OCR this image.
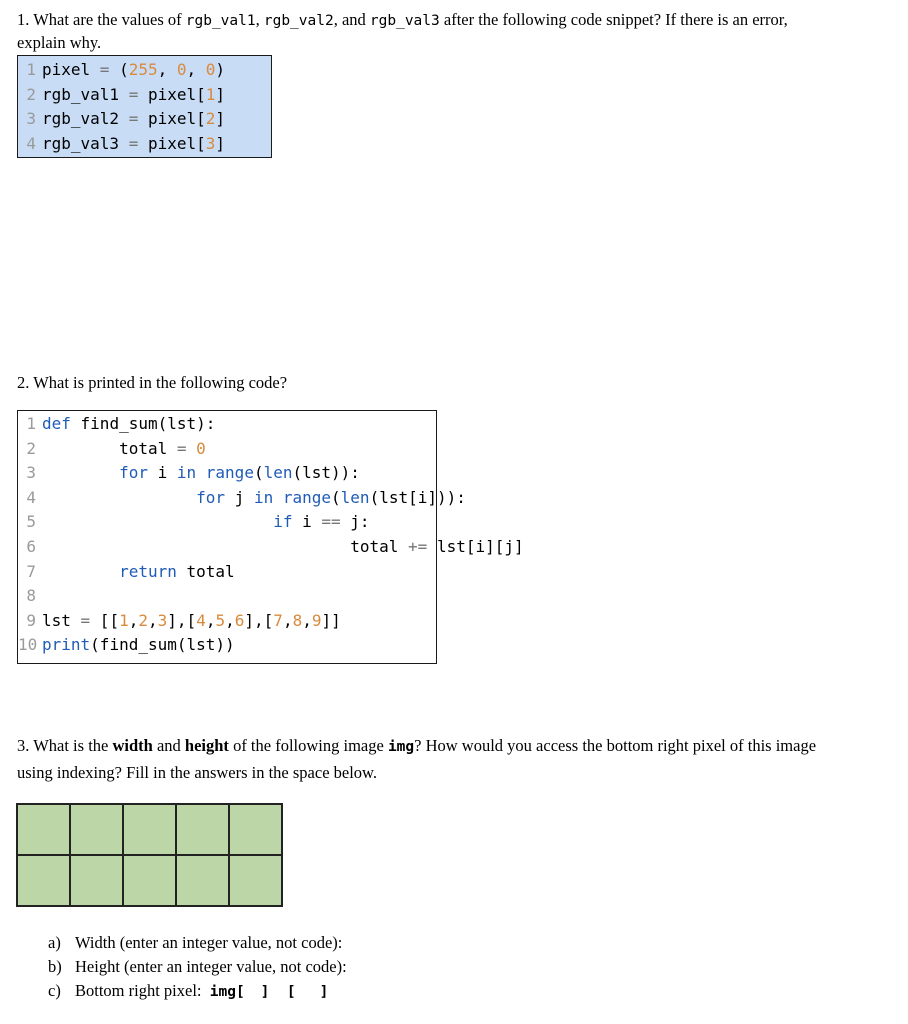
1. What are the values of rgb_val1, rgb_val2, and rgb_val3 after the following code snippet? If there is an error,
explain why.
1 pixel = (255, 0, 0)
2 rgb_val1 = pixel[1]
3 rgb_val2 = pixel[2]
4 rgb_val3 = pixel[3]
2. What is printed in the following code?
1 def find_sum(lst):
2        total = 0
3	for i in range(len(lst)):
4	for j in range(len(lst[i])):
5	if i == j:
6                                total += lst[i][j]
7	return total
8
9 lst = [[1,2,3],[4,5,6],[7,8,9]]
10 print(find_sum(lst))
3. What is the width and height of the following image img? How would you access the bottom right pixel of this image
using indexing? Fill in the answers in the space below.
a) Width (enter an integer value, not code):
b) Height (enter an integer value, not code):
c) Bottom right pixel:  img[ ]  [ ]
